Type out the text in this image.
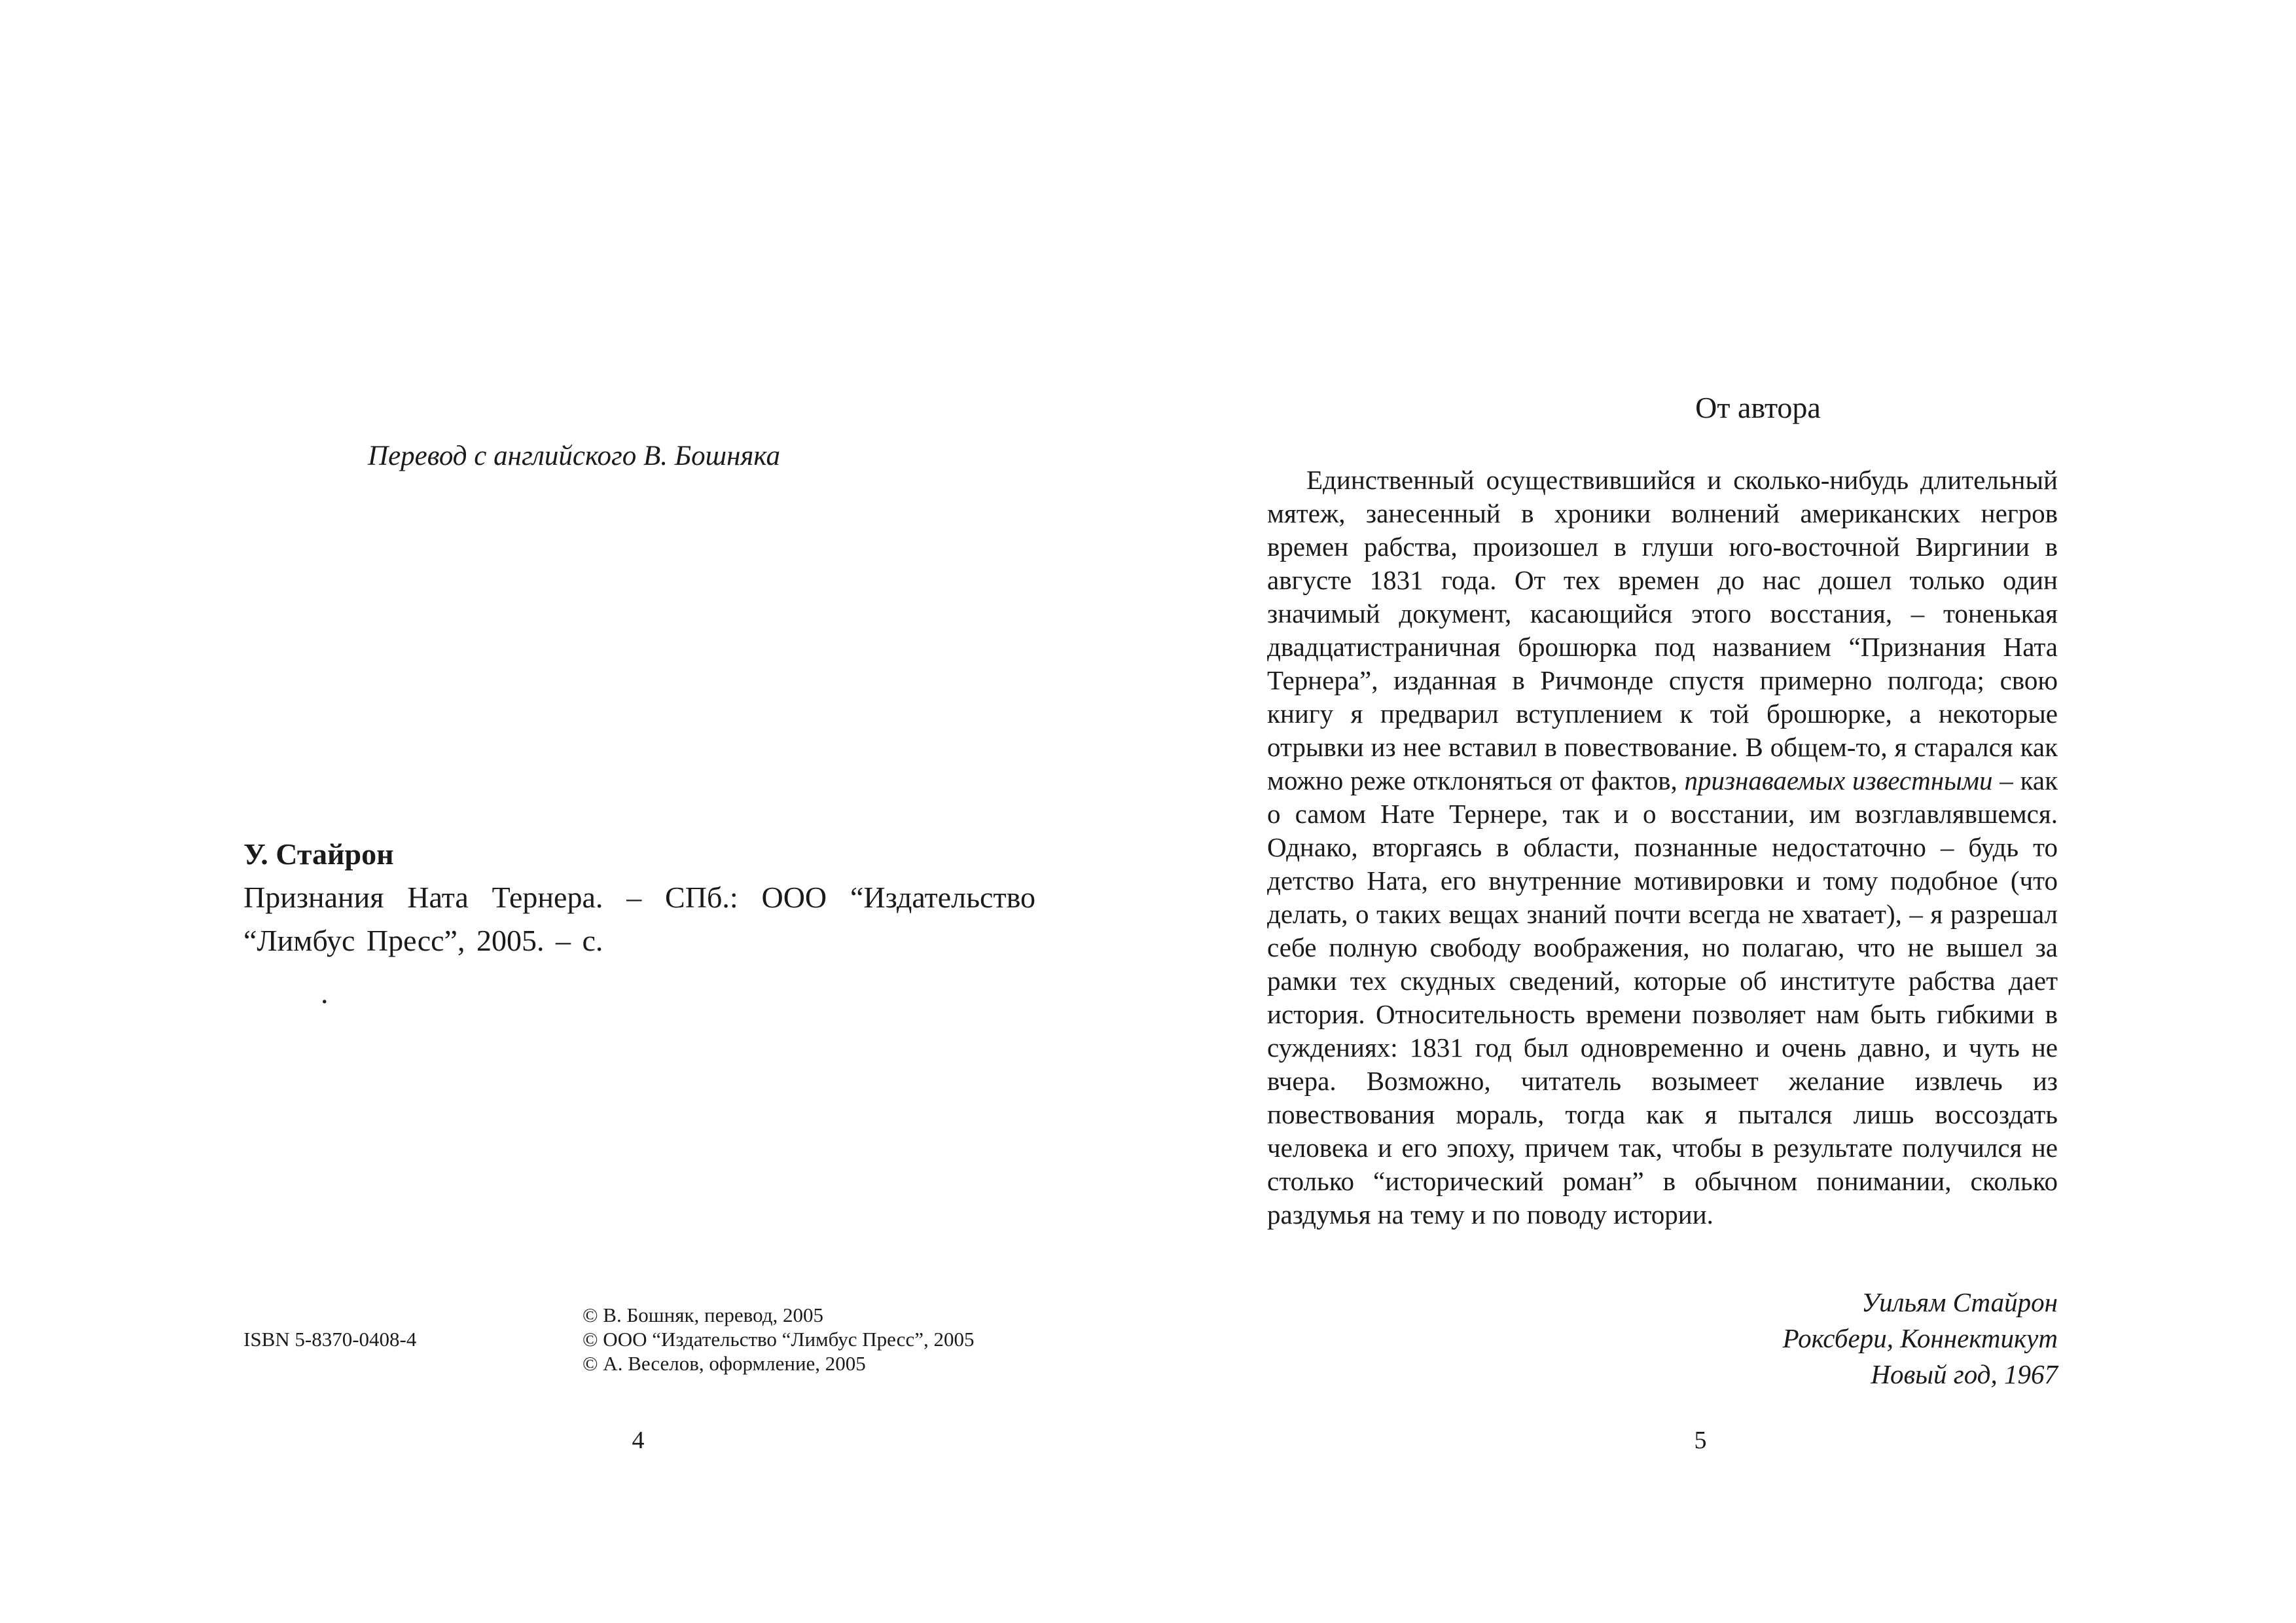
Перевод с английского В. Бошняка
У. Стайрон
Признания Ната Тернера. – СПб.: ООО “Издательство “Лимбус Пресс”, 2005. – с.
.
ISBN 5-8370-0408-4
© В. Бошняк, перевод, 2005
© ООО “Издательство “Лимбус Пресс”, 2005
© А. Веселов, оформление, 2005
4
От автора
Единственный осуществившийся и сколько-нибудь длительный мятеж, занесенный в хроники волнений американских негров времен рабства, произошел в глуши юго-восточной Виргинии в августе 1831 года. От тех времен до нас дошел только один значимый документ, касающийся этого восстания, – тоненькая двадцатистраничная брошюрка под названием “Признания Ната Тернера”, изданная в Ричмонде спустя примерно полгода; свою книгу я предварил вступлением к той брошюрке, а некоторые отрывки из нее вставил в повествование. В общем-то, я старался как можно реже отклоняться от фактов, признаваемых известными – как о самом Нате Тернере, так и о восстании, им возглавлявшемся. Однако, вторгаясь в области, познанные недостаточно – будь то детство Ната, его внутренние мотивировки и тому подобное (что делать, о таких вещах знаний почти всегда не хватает), – я разрешал себе полную свободу воображения, но полагаю, что не вышел за рамки тех скудных сведений, которые об институте рабства дает история. Относительность времени позволяет нам быть гибкими в суждениях: 1831 год был одновременно и очень давно, и чуть не вчера. Возможно, читатель возымеет желание извлечь из повествования мораль, тогда как я пытался лишь воссоздать человека и его эпоху, причем так, чтобы в результате получился не столько “исторический роман” в обычном понимании, сколько раздумья на тему и по поводу истории.
Уильям Стайрон
Роксбери, Коннектикут
Новый год, 1967
5
